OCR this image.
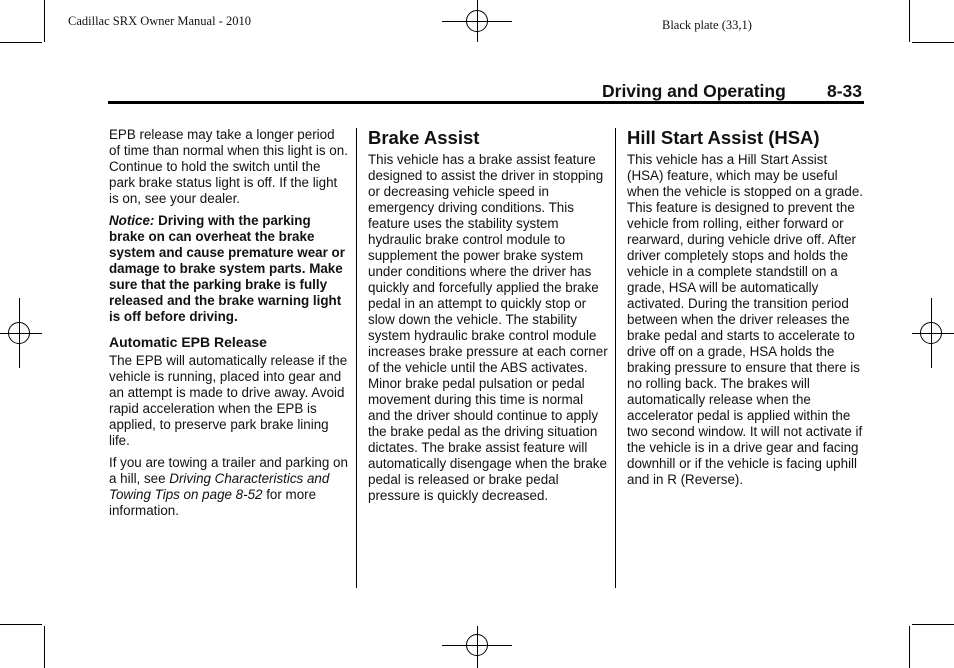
Cadillac SRX Owner Manual - 2010	Black plate (33,1)
Driving and Operating 8-33

EPB release may take a longer period of time than normal when this light is on. Continue to hold the switch until the park brake status light is off. If the light is on, see your dealer.

Notice: Driving with the parking brake on can overheat the brake system and cause premature wear or damage to brake system parts. Make sure that the parking brake is fully released and the brake warning light is off before driving.

Automatic EPB Release

The EPB will automatically release if the vehicle is running, placed into gear and an attempt is made to drive away. Avoid rapid acceleration when the EPB is applied, to preserve park brake lining life.

If you are towing a trailer and parking on a hill, see Driving Characteristics and Towing Tips on page 8-52 for more information.

Brake Assist

This vehicle has a brake assist feature designed to assist the driver in stopping or decreasing vehicle speed in emergency driving conditions. This feature uses the stability system hydraulic brake control module to supplement the power brake system under conditions where the driver has quickly and forcefully applied the brake pedal in an attempt to quickly stop or slow down the vehicle. The stability system hydraulic brake control module increases brake pressure at each corner of the vehicle until the ABS activates. Minor brake pedal pulsation or pedal movement during this time is normal and the driver should continue to apply the brake pedal as the driving situation dictates. The brake assist feature will automatically disengage when the brake pedal is released or brake pedal pressure is quickly decreased.

Hill Start Assist (HSA)

This vehicle has a Hill Start Assist (HSA) feature, which may be useful when the vehicle is stopped on a grade. This feature is designed to prevent the vehicle from rolling, either forward or rearward, during vehicle drive off. After driver completely stops and holds the vehicle in a complete standstill on a grade, HSA will be automatically activated. During the transition period between when the driver releases the brake pedal and starts to accelerate to drive off on a grade, HSA holds the braking pressure to ensure that there is no rolling back. The brakes will automatically release when the accelerator pedal is applied within the two second window. It will not activate if the vehicle is in a drive gear and facing downhill or if the vehicle is facing uphill and in R (Reverse).
